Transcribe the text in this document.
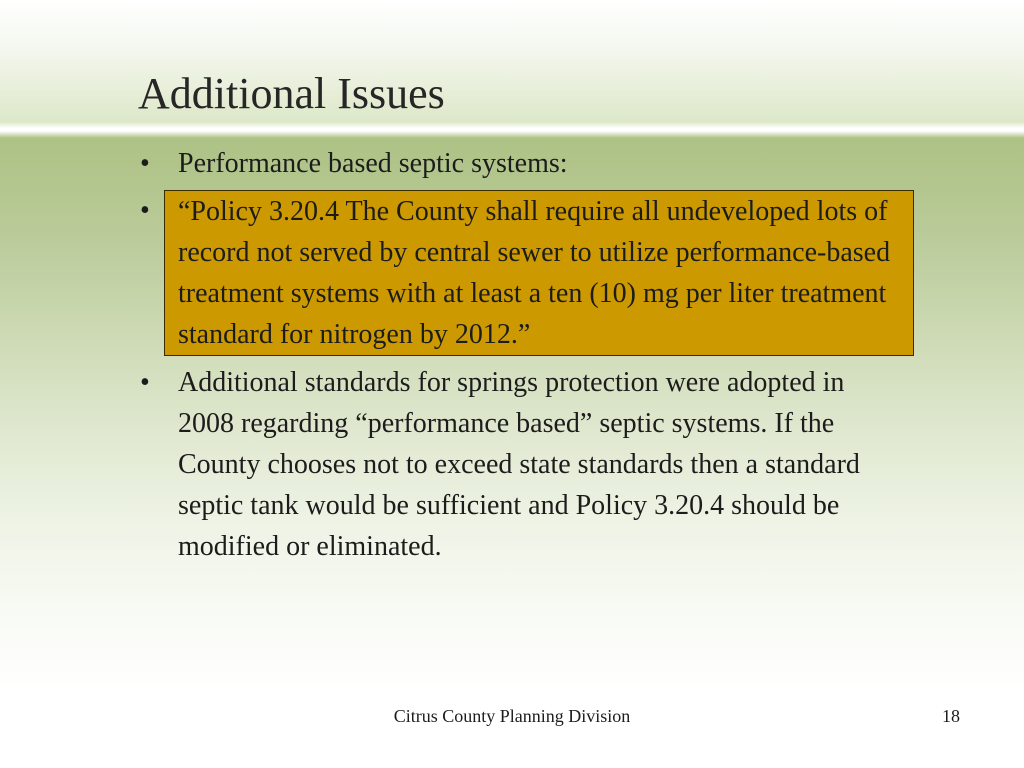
Additional Issues
•	Performance based septic systems:
•	“Policy 3.20.4 The County shall require all undeveloped lots of record not served by central sewer to utilize performance-based treatment systems with at least a ten (10) mg per liter treatment standard for nitrogen by 2012.”
•	Additional standards for springs protection were adopted in 2008 regarding “performance based” septic systems. If the County chooses not to exceed state standards then a standard septic tank would be sufficient and Policy 3.20.4 should be modified or eliminated.
Citrus County Planning Division	18
